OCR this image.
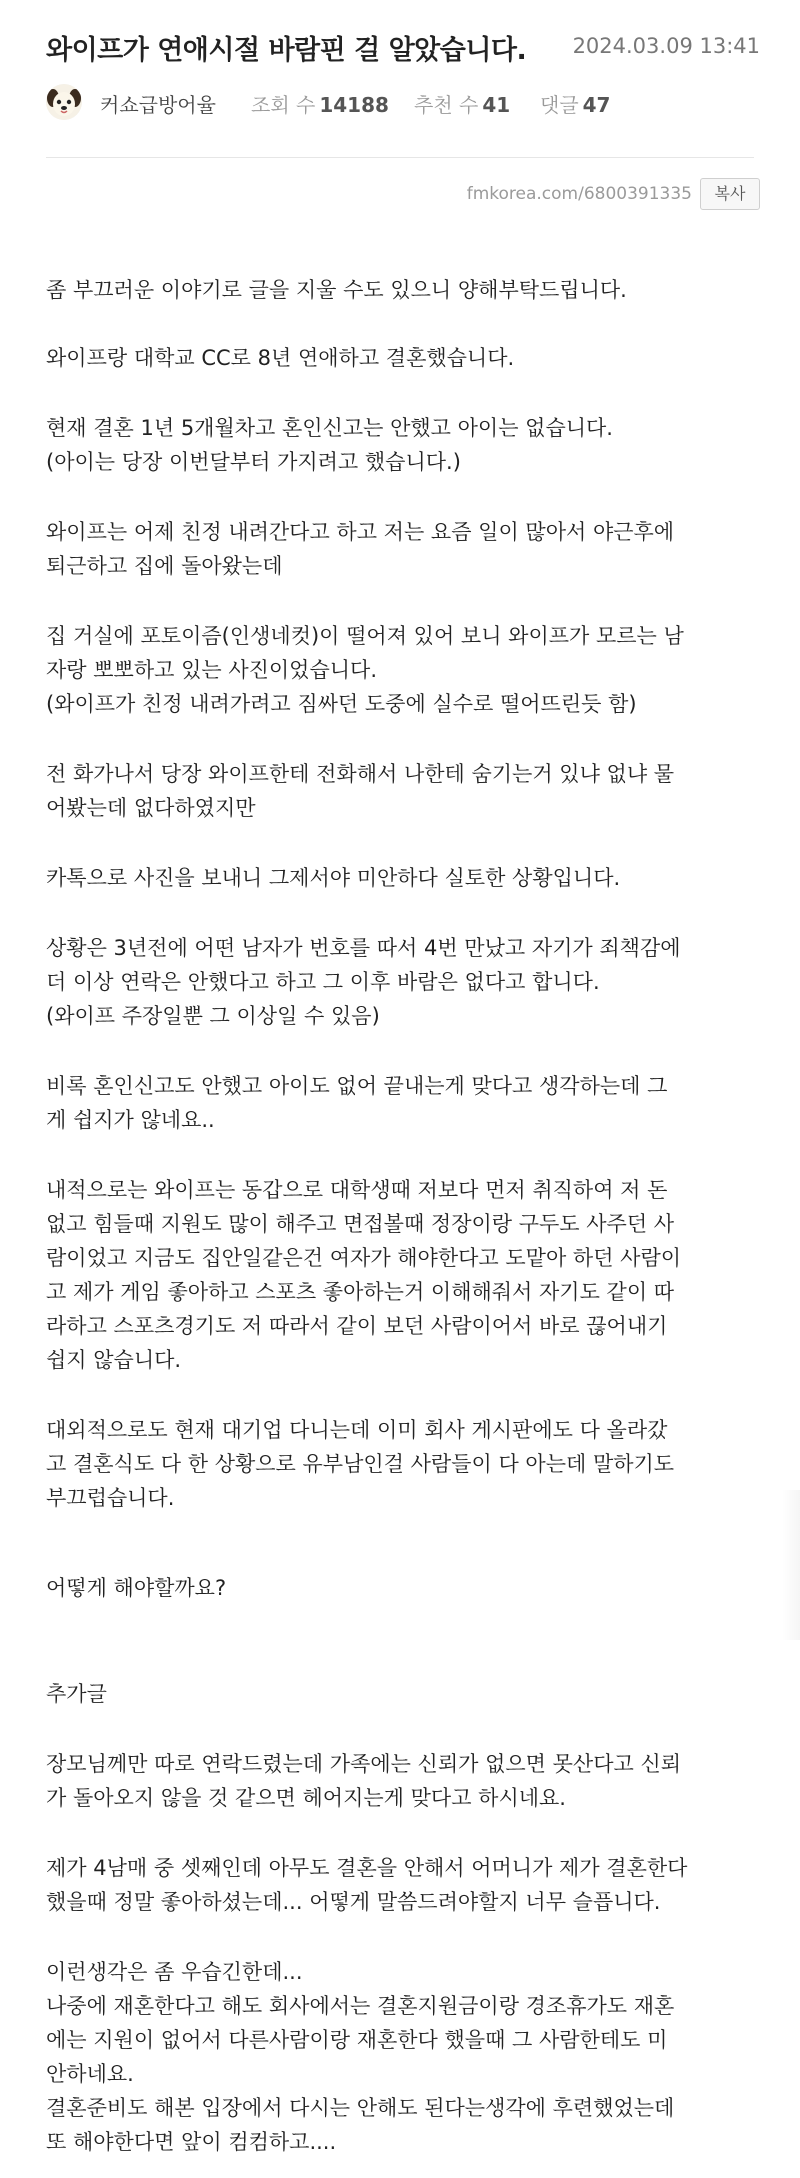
와이프가 연애시절 바람핀 걸 알았습니다. 2024.03.09 13:41
커쇼급방어율 조회 수 14188 추천 수 41 댓글 47
fmkorea.com/6800391335	복사
좀 부끄러운 이야기로 글을 지울 수도 있으니 양해부탁드립니다.
와이프랑 대학교 CC로 8년 연애하고 결혼했습니다.
현재 결혼 1년 5개월차고 혼인신고는 안했고 아이는 없습니다.
(아이는 당장 이번달부터 가지려고 했습니다.)
와이프는 어제 친정 내려간다고 하고 저는 요즘 일이 많아서 야근후에
퇴근하고 집에 돌아왔는데
집 거실에 포토이즘(인생네컷)이 떨어져 있어 보니 와이프가 모르는 남
자랑 뽀뽀하고 있는 사진이었습니다.
(와이프가 친정 내려가려고 짐싸던 도중에 실수로 떨어뜨린듯 함)
전 화가나서 당장 와이프한테 전화해서 나한테 숨기는거 있냐 없냐 물
어봤는데 없다하였지만
카톡으로 사진을 보내니 그제서야 미안하다 실토한 상황입니다.
상황은 3년전에 어떤 남자가 번호를 따서 4번 만났고 자기가 죄책감에
더 이상 연락은 안했다고 하고 그 이후 바람은 없다고 합니다.
(와이프 주장일뿐 그 이상일 수 있음)
비록 혼인신고도 안했고 아이도 없어 끝내는게 맞다고 생각하는데 그
게 쉽지가 않네요..
내적으로는 와이프는 동갑으로 대학생때 저보다 먼저 취직하여 저 돈
없고 힘들때 지원도 많이 해주고 면접볼때 정장이랑 구두도 사주던 사
람이었고 지금도 집안일같은건 여자가 해야한다고 도맡아 하던 사람이
고 제가 게임 좋아하고 스포츠 좋아하는거 이해해줘서 자기도 같이 따
라하고 스포츠경기도 저 따라서 같이 보던 사람이어서 바로 끊어내기
쉽지 않습니다.
대외적으로도 현재 대기업 다니는데 이미 회사 게시판에도 다 올라갔
고 결혼식도 다 한 상황으로 유부남인걸 사람들이 다 아는데 말하기도
부끄럽습니다.
어떻게 해야할까요?
추가글
장모님께만 따로 연락드렸는데 가족에는 신뢰가 없으면 못산다고 신뢰
가 돌아오지 않을 것 같으면 헤어지는게 맞다고 하시네요.
제가 4남매 중 셋째인데 아무도 결혼을 안해서 어머니가 제가 결혼한다
했을때 정말 좋아하셨는데... 어떻게 말씀드려야할지 너무 슬픕니다.
이런생각은 좀 우습긴한데...
나중에 재혼한다고 해도 회사에서는 결혼지원금이랑 경조휴가도 재혼
에는 지원이 없어서 다른사람이랑 재혼한다 했을때 그 사람한테도 미
안하네요.
결혼준비도 해본 입장에서 다시는 안해도 된다는생각에 후련했었는데
또 해야한다면 앞이 컴컴하고....
